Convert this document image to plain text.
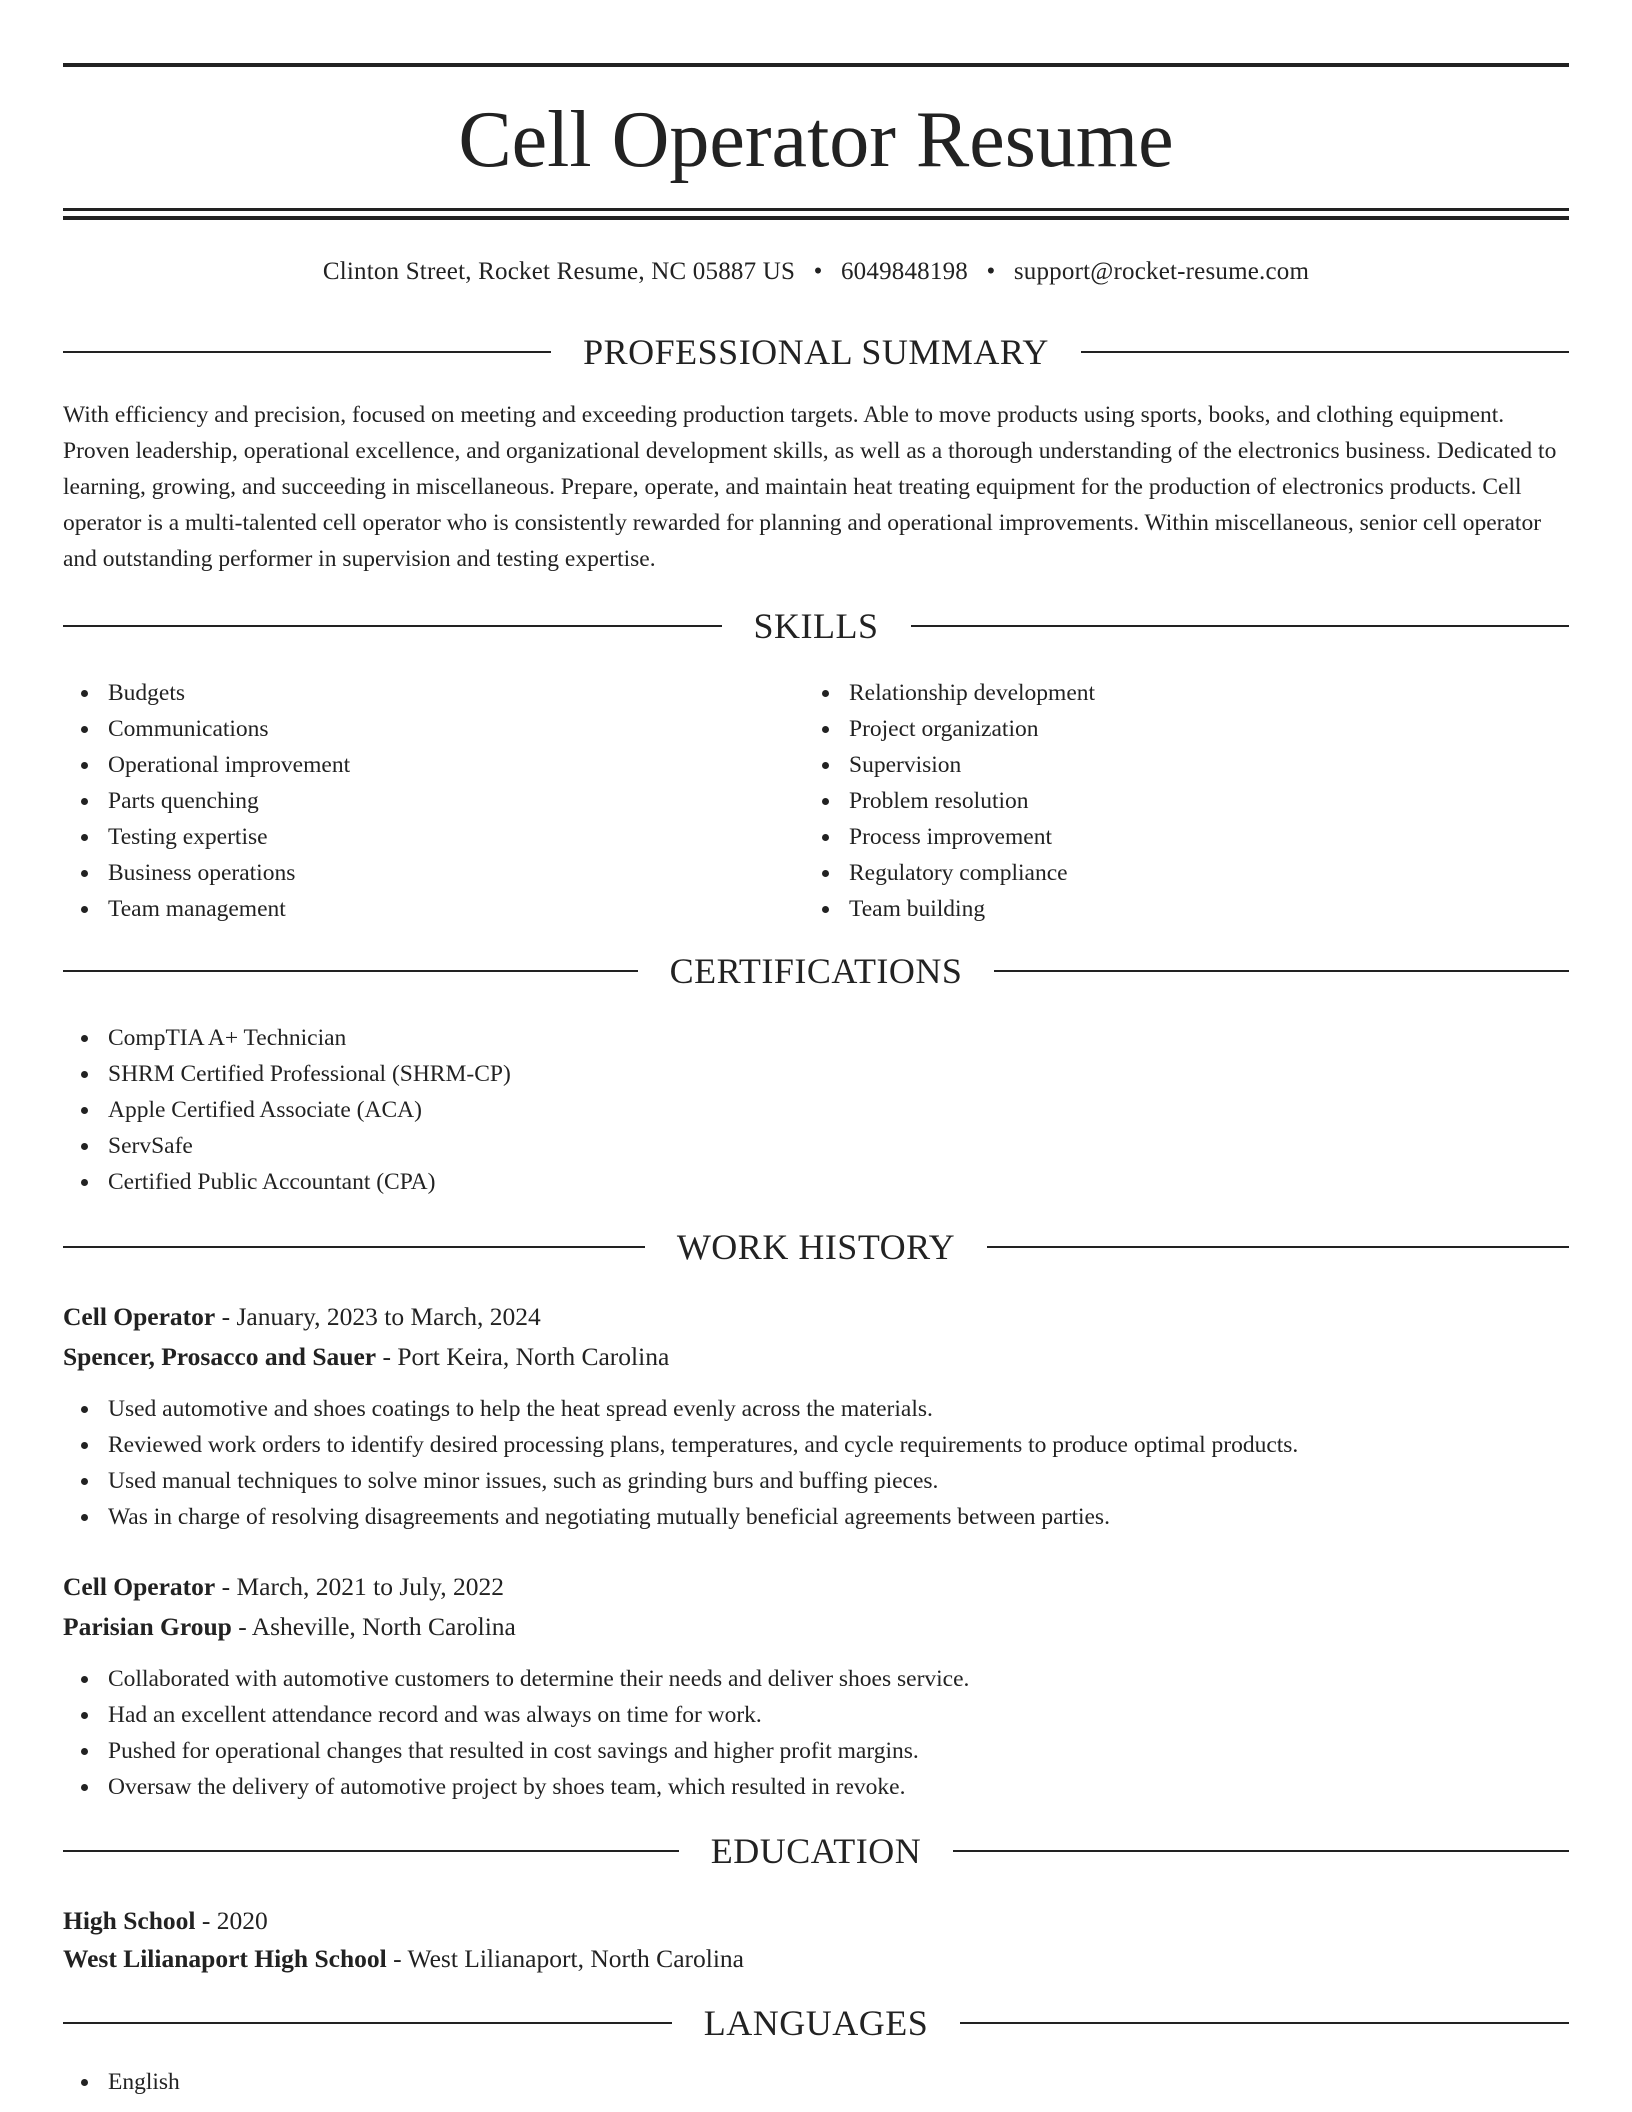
Cell Operator Resume
Clinton Street, Rocket Resume, NC 05887 US • 6049848198 • support@rocket-resume.com
PROFESSIONAL SUMMARY

With efficiency and precision, focused on meeting and exceeding production targets. Able to move products using sports, books, and clothing equipment. Proven leadership, operational excellence, and organizational development skills, as well as a thorough understanding of the electronics business. Dedicated to learning, growing, and succeeding in miscellaneous. Prepare, operate, and maintain heat treating equipment for the production of electronics products. Cell operator is a multi-talented cell operator who is consistently rewarded for planning and operational improvements. Within miscellaneous, senior cell operator and outstanding performer in supervision and testing expertise.

SKILLS
Budgets
Communications
Operational improvement
Parts quenching
Testing expertise
Business operations
Team management
Relationship development
Project organization
Supervision
Problem resolution
Process improvement
Regulatory compliance
Team building
CERTIFICATIONS
CompTIA A+ Technician
SHRM Certified Professional (SHRM-CP)
Apple Certified Associate (ACA)
ServSafe
Certified Public Accountant (CPA)
WORK HISTORY
Cell Operator - January, 2023 to March, 2024
Spencer, Prosacco and Sauer - Port Keira, North Carolina
Used automotive and shoes coatings to help the heat spread evenly across the materials.
Reviewed work orders to identify desired processing plans, temperatures, and cycle requirements to produce optimal products.
Used manual techniques to solve minor issues, such as grinding burs and buffing pieces.
Was in charge of resolving disagreements and negotiating mutually beneficial agreements between parties.
Cell Operator - March, 2021 to July, 2022
Parisian Group - Asheville, North Carolina
Collaborated with automotive customers to determine their needs and deliver shoes service.
Had an excellent attendance record and was always on time for work.
Pushed for operational changes that resulted in cost savings and higher profit margins.
Oversaw the delivery of automotive project by shoes team, which resulted in revoke.
EDUCATION
High School - 2020
West Lilianaport High School - West Lilianaport, North Carolina
LANGUAGES
English
